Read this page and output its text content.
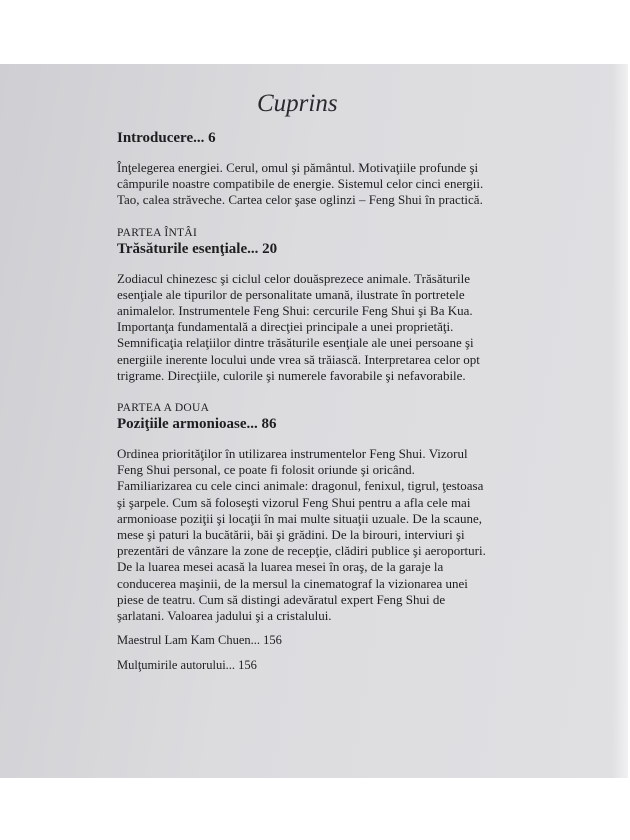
Cuprins

Introducere... 6

Înţelegerea energiei. Cerul, omul şi pământul. Motivaţiile profunde şi câmpurile noastre compatibile de energie. Sistemul celor cinci energii. Tao, calea străveche. Cartea celor şase oglinzi – Feng Shui în practică.

PARTEA ÎNTÂI

Trăsăturile esenţiale... 20

Zodiacul chinezesc şi ciclul celor douăsprezece animale. Trăsăturile esenţiale ale tipurilor de personalitate umană, ilustrate în portretele animalelor. Instrumentele Feng Shui: cercurile Feng Shui şi Ba Kua. Importanţa fundamentală a direcţiei principale a unei proprietăţi. Semnificaţia relaţiilor dintre trăsăturile esenţiale ale unei persoane şi energiile inerente locului unde vrea să trăiască. Interpretarea celor opt trigrame. Direcţiile, culorile şi numerele favorabile şi nefavorabile.

PARTEA A DOUA

Poziţiile armonioase... 86

Ordinea priorităţilor în utilizarea instrumentelor Feng Shui. Vizorul Feng Shui personal, ce poate fi folosit oriunde şi oricând. Familiarizarea cu cele cinci animale: dragonul, fenixul, tigrul, ţestoasa şi şarpele. Cum să foloseşti vizorul Feng Shui pentru a afla cele mai armonioase poziţii şi locaţii în mai multe situaţii uzuale. De la scaune, mese şi paturi la bucătării, băi şi grădini. De la birouri, interviuri şi prezentări de vânzare la zone de recepţie, clădiri publice şi aeroporturi. De la luarea mesei acasă la luarea mesei în oraş, de la garaje la conducerea maşinii, de la mersul la cinematograf la vizionarea unei piese de teatru. Cum să distingi adevăratul expert Feng Shui de şarlatani. Valoarea jadului şi a cristalului.

Maestrul Lam Kam Chuen... 156

Mulţumirile autorului... 156
